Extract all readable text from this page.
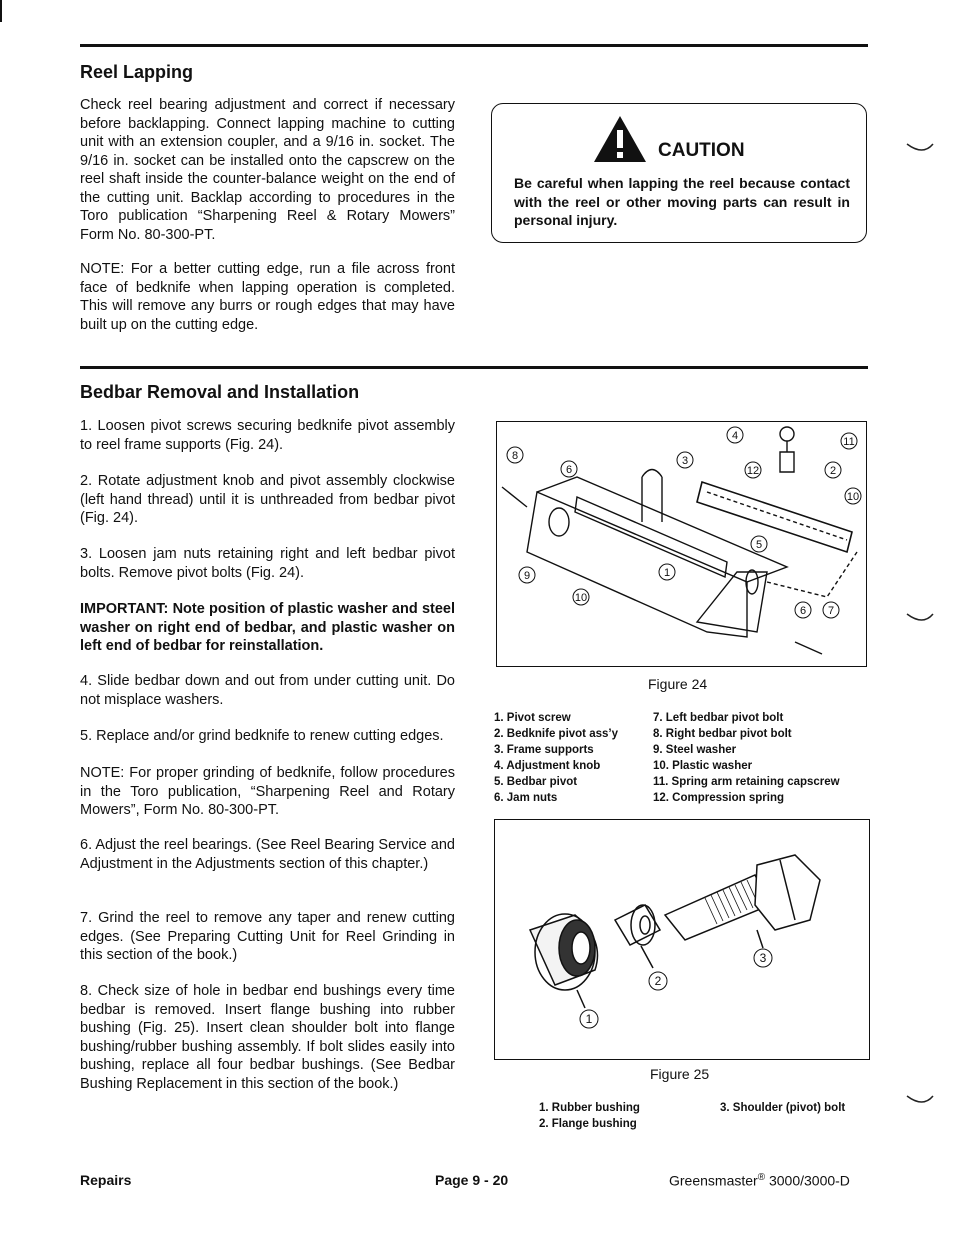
Reel Lapping

Check reel bearing adjustment and correct if necessary before backlapping. Connect lapping machine to cutting unit with an extension coupler, and a 9/16 in. socket. The 9/16 in. socket can be installed onto the capscrew on the reel shaft inside the counter-balance weight on the end of the cutting unit. Backlap according to procedures in the Toro publication “Sharpening Reel & Rotary Mowers” Form No. 80-300-PT.

NOTE: For a better cutting edge, run a file across front face of bedknife when lapping operation is completed. This will remove any burrs or rough edges that may have built up on the cutting edge.

CAUTION

Be careful when lapping the reel because contact with the reel or other moving parts can result in personal injury.

Bedbar Removal and Installation

1. Loosen pivot screws securing bedknife pivot assembly to reel frame supports (Fig. 24).

2. Rotate adjustment knob and pivot assembly clockwise (left hand thread) until it is unthreaded from bedbar pivot (Fig. 24).

3. Loosen jam nuts retaining right and left bedbar pivot bolts. Remove pivot bolts (Fig. 24).

IMPORTANT: Note position of plastic washer and steel washer on right end of bedbar, and plastic washer on left end of bedbar for reinstallation.

4. Slide bedbar down and out from under cutting unit. Do not misplace washers.

5. Replace and/or grind bedknife to renew cutting edges.

NOTE: For proper grinding of bedknife, follow procedures in the Toro publication, “Sharpening Reel and Rotary Mowers”, Form No. 80-300-PT.

6. Adjust the reel bearings. (See Reel Bearing Service and Adjustment in the Adjustments section of this chapter.)

7. Grind the reel to remove any taper and renew cutting edges. (See Preparing Cutting Unit for Reel Grinding in this section of the book.)

8. Check size of hole in bedbar end bushings every time bedbar is removed. Insert flange bushing into rubber bushing (Fig. 25). Insert clean shoulder bolt into flange bushing/rubber bushing assembly. If bolt slides easily into bushing, replace all four bedbar bushings. (See Bedbar Bushing Replacement in this section of the book.)

1
2
3
4
5
6
6 7
8
9
10
10
11
12
Figure 24
1. Pivot screw
2. Bedknife pivot ass’y
3. Frame supports
4. Adjustment knob
5. Bedbar pivot
6. Jam nuts
7. Left bedbar pivot bolt
8. Right bedbar pivot bolt
9. Steel washer
10. Plastic washer
11. Spring arm retaining capscrew
12. Compression spring
1
2
3
Figure 25
1. Rubber bushing
2. Flange bushing
3. Shoulder (pivot) bolt
Repairs	Page 9 - 20	Greensmaster® 3000/3000-D
